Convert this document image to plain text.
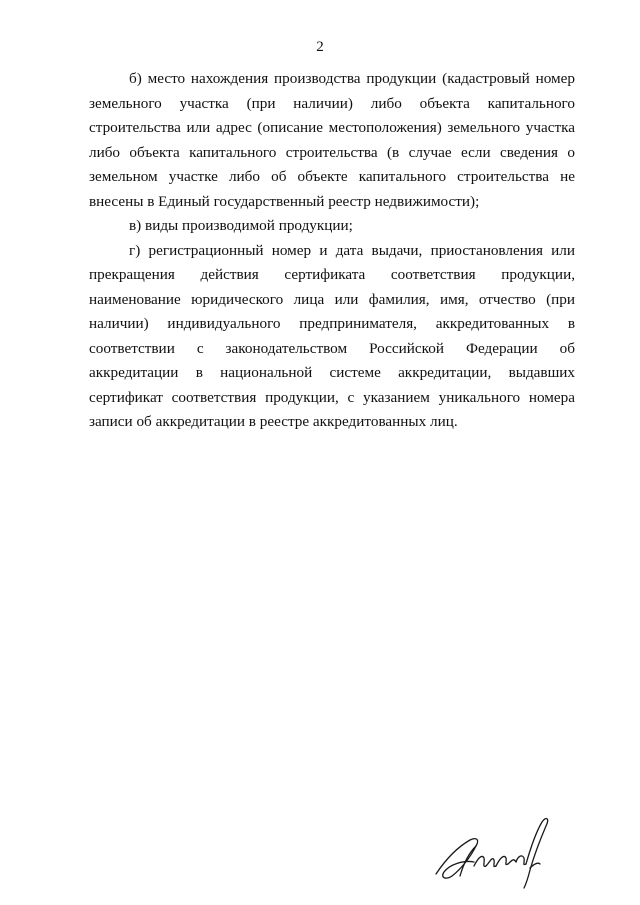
2

б) место нахождения производства продукции (кадастровый номер земельного участка (при наличии) либо объекта капитального строительства или адрес (описание местоположения) земельного участка либо объекта капитального строительства (в случае если сведения о земельном участке либо об объекте капитального строительства не внесены в Единый государственный реестр недвижимости);

в) виды производимой продукции;

г) регистрационный номер и дата выдачи, приостановления или прекращения действия сертификата соответствия продукции, наименование юридического лица или фамилия, имя, отчество (при наличии) индивидуального предпринимателя, аккредитованных в соответствии с законодательством Российской Федерации об аккредитации в национальной системе аккредитации, выдавших сертификат соответствия продукции, с указанием уникального номера записи об аккредитации в реестре аккредитованных лиц.
